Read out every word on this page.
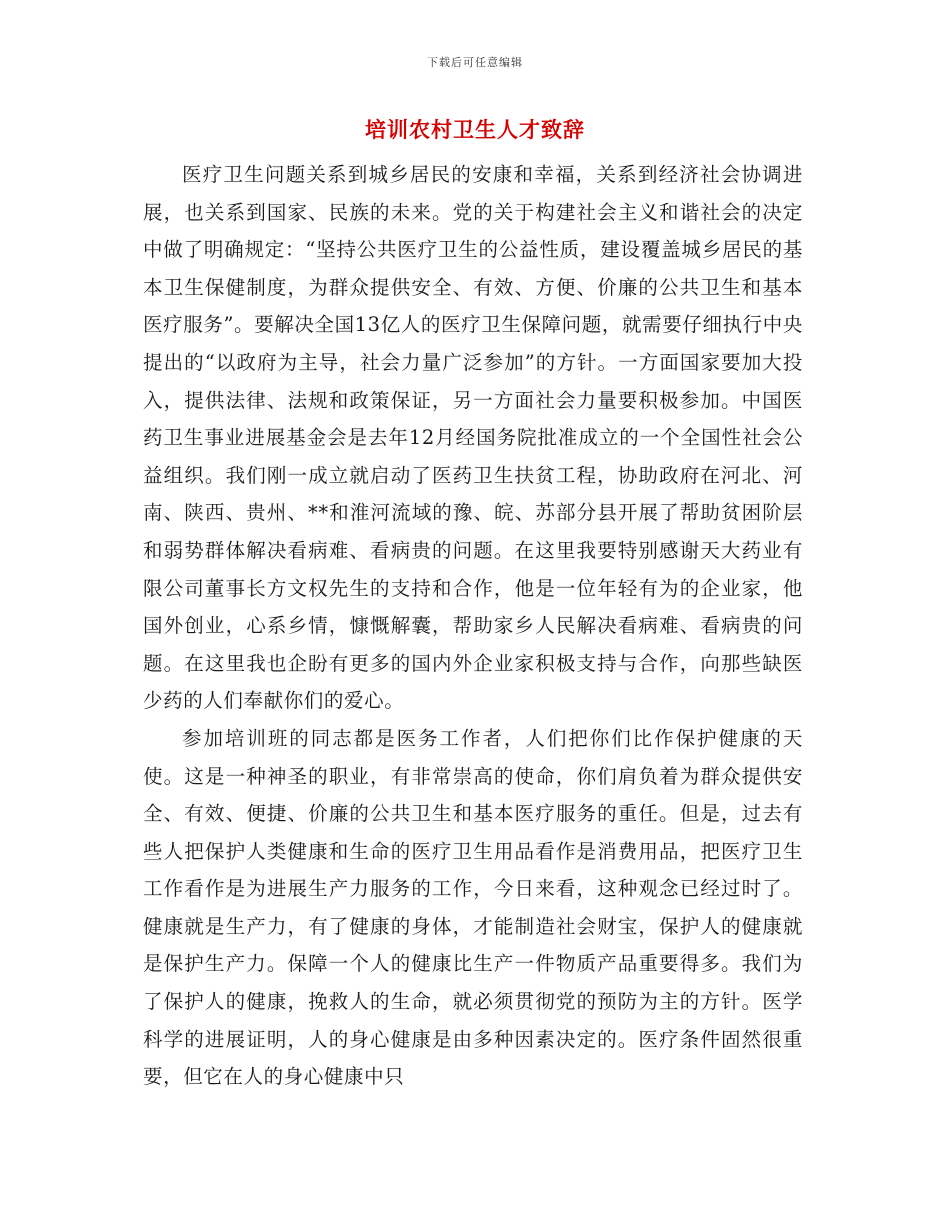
下载后可任意编辑
培训农村卫生人才致辞

医疗卫生问题关系到城乡居民的安康和幸福，关系到经济社会协调进展，也关系到国家、民族的未来。党的关于构建社会主义和谐社会的决定中做了明确规定：“坚持公共医疗卫生的公益性质，建设覆盖城乡居民的基本卫生保健制度，为群众提供安全、有效、方便、价廉的公共卫生和基本医疗服务”。要解决全国13亿人的医疗卫生保障问题，就需要仔细执行中央提出的“以政府为主导，社会力量广泛参加”的方针。一方面国家要加大投入，提供法律、法规和政策保证，另一方面社会力量要积极参加。中国医药卫生事业进展基金会是去年12月经国务院批准成立的一个全国性社会公益组织。我们刚一成立就启动了医药卫生扶贫工程，协助政府在河北、河南、陕西、贵州、**和淮河流域的豫、皖、苏部分县开展了帮助贫困阶层和弱势群体解决看病难、看病贵的问题。在这里我要特别感谢天大药业有限公司董事长方文权先生的支持和合作，他是一位年轻有为的企业家，他国外创业，心系乡情，慷慨解囊，帮助家乡人民解决看病难、看病贵的问题。在这里我也企盼有更多的国内外企业家积极支持与合作，向那些缺医少药的人们奉献你们的爱心。

参加培训班的同志都是医务工作者，人们把你们比作保护健康的天使。这是一种神圣的职业，有非常崇高的使命，你们肩负着为群众提供安全、有效、便捷、价廉的公共卫生和基本医疗服务的重任。但是，过去有些人把保护人类健康和生命的医疗卫生用品看作是消费用品，把医疗卫生工作看作是为进展生产力服务的工作，今日来看，这种观念已经过时了。健康就是生产力，有了健康的身体，才能制造社会财宝，保护人的健康就是保护生产力。保障一个人的健康比生产一件物质产品重要得多。我们为了保护人的健康，挽救人的生命，就必须贯彻党的预防为主的方针。医学科学的进展证明，人的身心健康是由多种因素决定的。医疗条件固然很重要，但它在人的身心健康中只
